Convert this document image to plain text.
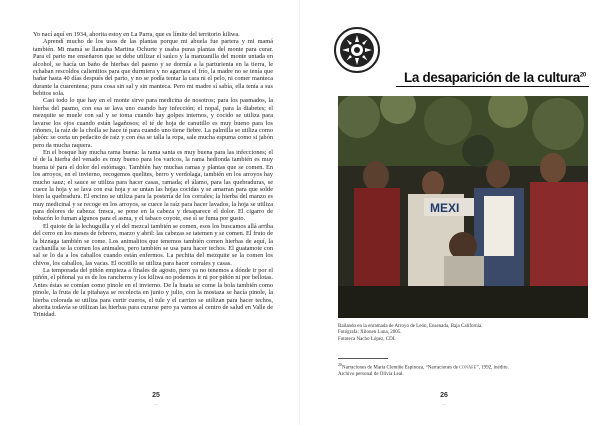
Yo nací aquí en 1934, ahorita estoy en La Parra, que es límite del territorio kiliwa.

Aprendí mucho de los usos de las plantas porque mi abuela fue partera y mi mamá también. Mi mamá se llamaba Martina Ochurte y usaba puras plantas del monte para curar. Para el parto me enseñaron que se debe utilizar el saúco y la manzanilla del monte untada en alcohol, se hacía un baño de hierbas del pasmo y se dormía a la parturienta en la tierra, le echaban rescoldos calientitos para que durmiera y no agarrara el frío, la madre no se tenía que bañar hasta 40 días después del parto, y no se podía tentar la cara ni el pelo, ni comer manteca durante la cuarentena; pura cosa sin sal y sin manteca. Pero mi madre sí sabía, ella tenía a sus bebitos sola.

Casi todo lo que hay en el monte sirve para medicina de nosotros; para los pasmados, la hierba del pasmo, con esa se lava uno cuando hay infección; el nopal, para la diabetes; el mezquite se muele con sal y se toma cuando hay golpes internos, y cocido se utiliza para lavarse los ojos cuando están lagañosos; el té de hoja de canutillo es muy bueno para los riñones, la raíz de la cholla se hace té para cuando uno tiene fiebre. La palmilla se utiliza como jabón: se corta un pedacito de raíz y con ésa se talla la ropa, sale mucha espuma como si jabón pero da mucha raquera.

En el bosque hay mucha rama buena: la rama santa es muy buena para las infecciones; el té de la hierba del venado es muy bueno para los varicos, la rama hedionda también es muy buena té para el dolor del estómago. También hay muchas ramas y plantas que se comen. En los arroyos, en el invierno, recogemos quelites, berro y verdolaga, también en los arroyos hay mucho sauz; el sauce se utiliza para hacer casas, ramada; el álamo, para las quebraduras, se cuece la hoja y se lava con esa hoja y se untan las hojas cocidas y se amarran para que solde bien la quebradura. El encino se utiliza para la postería de los corrales; la hierba del manzo es muy medicinal y se recoge en los arroyos, se cuece la raíz para hacer lavados, la hoja se utiliza para dolores de cabeza: fresca, se pone en la cabeza y desaparece el dolor. El cigarro de tobacón lo fuman algunos para el asma, y el tabaco coyote, ese sí se fuma por gusto.

El quiote de la lechuguilla y el del mezcal también se comen, esos los buscamos allá arriba del cerro en los meses de febrero, marzo y abril: las cabezas se tatemen y se comen. El fruto de la biznaga también se come. Los animalitos que tenemos también comen hierbas de aquí, la cachanilla se la comen los animales, pero también se usa para hacer techos. El guatamote con sal se lo da a los caballos cuando están enfermos. La pechita del mezquite se la comen los chivos, los caballos, las vacas. El ocotillo se utiliza para hacer corrales y casas.

La temporada del piñón empieza a finales de agosto, pero ya no tenemos a dónde ir por el piñón, el piñonal ya es de los rancheros y los kiliwa no podemos ir ni por piñón ni por bellotas. Antes éstas se comían como pinole en el invierno. De la huata se come la bola también como pinole, la fruta de la pitahaya se recolecta en junio y julio, con la mostaza se hacía pinole, la hierba colorada se utiliza para curtir cueros, el tule y el carrizo se utilizan para hacer techos, ahorita todavía se utilizan las hierbas para curarse pero ya vamos al centro de salud en Valle de Trinidad.

25
~~
La desaparición de la cultura$^{20}$
MEXI
Bailando en la enramada de Arroyo de León, Ensenada, Baja California.
Fotógrafa: Xilonen Luna, 2005.
Fototeca Nacho López, CDI.
$^{20}$Narraciones de María Clemiñe Espinoza, “Narraciones de conafe”, 1992, inédito.
Archivo personal de Olivia Leal.
26
~~
